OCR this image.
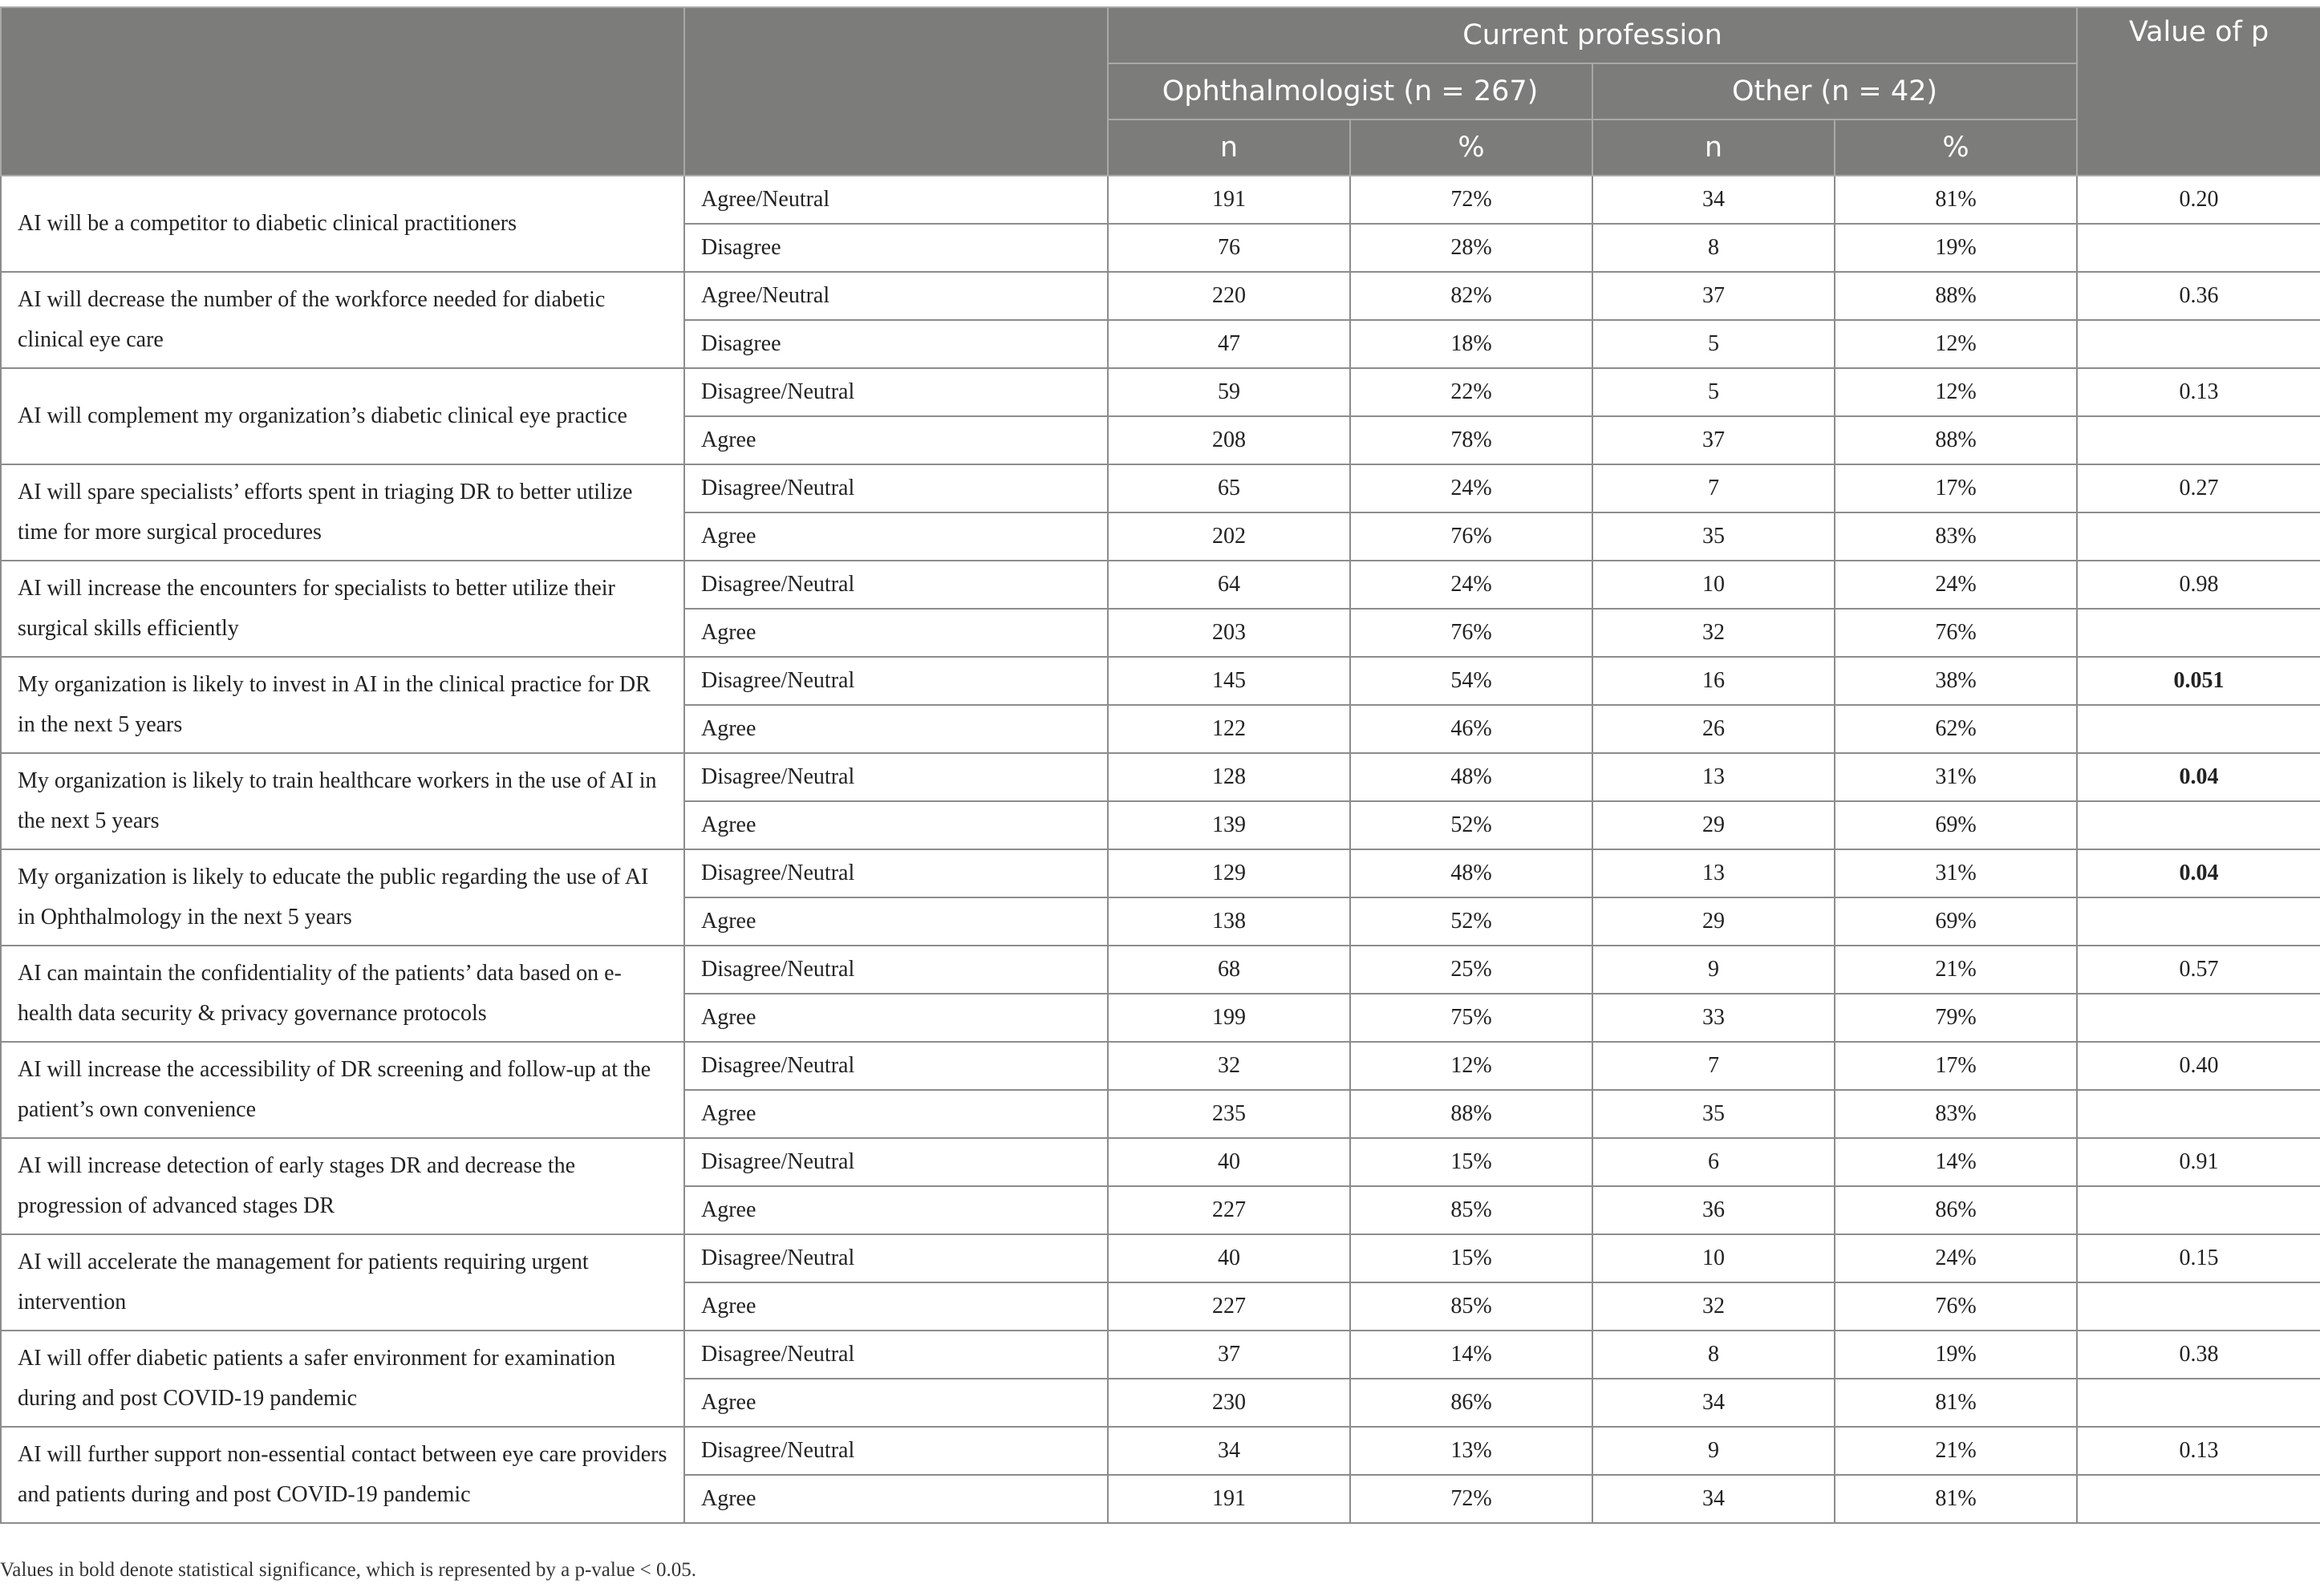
		Current profession				Value of p
		Ophthalmologist (n = 267)		Other (n = 42)		
		n	%	n	%	
AI will be a competitor to diabetic clinical practitioners	Agree/Neutral	191	72%	34	81%	0.20
	Disagree	76	28%	8	19%	
AI will decrease the number of the workforce needed for diabetic clinical eye care	Agree/Neutral	220	82%	37	88%	0.36
	Disagree	47	18%	5	12%	
AI will complement my organization’s diabetic clinical eye practice	Disagree/Neutral	59	22%	5	12%	0.13
	Agree	208	78%	37	88%	
AI will spare specialists’ efforts spent in triaging DR to better utilize time for more surgical procedures	Disagree/Neutral	65	24%	7	17%	0.27
	Agree	202	76%	35	83%	
AI will increase the encounters for specialists to better utilize their surgical skills efficiently	Disagree/Neutral	64	24%	10	24%	0.98
	Agree	203	76%	32	76%	
My organization is likely to invest in AI in the clinical practice for DR in the next 5 years	Disagree/Neutral	145	54%	16	38%	0.051
	Agree	122	46%	26	62%	
My organization is likely to train healthcare workers in the use of AI in the next 5 years	Disagree/Neutral	128	48%	13	31%	0.04
	Agree	139	52%	29	69%	
My organization is likely to educate the public regarding the use of AI in Ophthalmology in the next 5 years	Disagree/Neutral	129	48%	13	31%	0.04
	Agree	138	52%	29	69%	
AI can maintain the confidentiality of the patients’ data based on e-health data security & privacy governance protocols	Disagree/Neutral	68	25%	9	21%	0.57
	Agree	199	75%	33	79%	
AI will increase the accessibility of DR screening and follow-up at the patient’s own convenience	Disagree/Neutral	32	12%	7	17%	0.40
	Agree	235	88%	35	83%	
AI will increase detection of early stages DR and decrease the progression of advanced stages DR	Disagree/Neutral	40	15%	6	14%	0.91
	Agree	227	85%	36	86%	
AI will accelerate the management for patients requiring urgent intervention	Disagree/Neutral	40	15%	10	24%	0.15
	Agree	227	85%	32	76%	
AI will offer diabetic patients a safer environment for examination during and post COVID-19 pandemic	Disagree/Neutral	37	14%	8	19%	0.38
	Agree	230	86%	34	81%	
AI will further support non-essential contact between eye care providers and patients during and post COVID-19 pandemic	Disagree/Neutral	34	13%	9	21%	0.13
	Agree	191	72%	34	81%	
Values in bold denote statistical significance, which is represented by a p-value < 0.05.
